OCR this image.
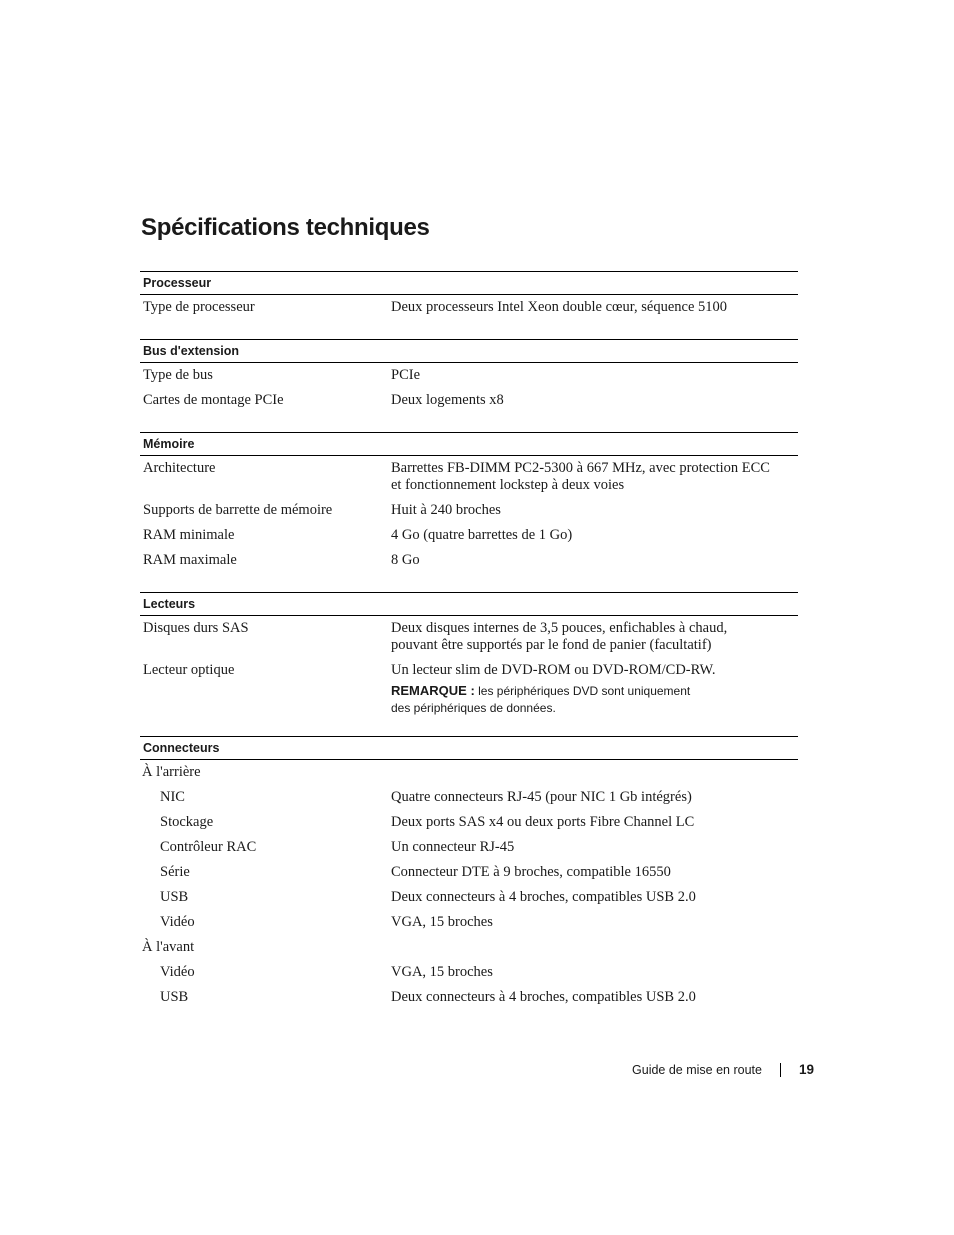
Spécifications techniques
Processeur
Type de processeur	Deux processeurs Intel Xeon double cœur, séquence 5100
Bus d'extension
Type de bus	PCIe
Cartes de montage PCIe	Deux logements x8
Mémoire
Architecture	Barrettes FB-DIMM PC2-5300 à 667 MHz, avec protection ECC
et fonctionnement lockstep à deux voies
Supports de barrette de mémoire	Huit à 240 broches
RAM minimale	4 Go (quatre barrettes de 1 Go)
RAM maximale	8 Go
Lecteurs
Disques durs SAS	Deux disques internes de 3,5 pouces, enfichables à chaud,
pouvant être supportés par le fond de panier (facultatif)
Lecteur optique	Un lecteur slim de DVD-ROM ou DVD-ROM/CD-RW.
REMARQUE : les périphériques DVD sont uniquement
des périphériques de données.
Connecteurs
À l'arrière
NIC	Quatre connecteurs RJ-45 (pour NIC 1 Gb intégrés)
Stockage	Deux ports SAS x4 ou deux ports Fibre Channel LC
Contrôleur RAC	Un connecteur RJ-45
Série	Connecteur DTE à 9 broches, compatible 16550
USB	Deux connecteurs à 4 broches, compatibles USB 2.0
Vidéo	VGA, 15 broches
À l'avant
Vidéo	VGA, 15 broches
USB	Deux connecteurs à 4 broches, compatibles USB 2.0
Guide de mise en route	19
